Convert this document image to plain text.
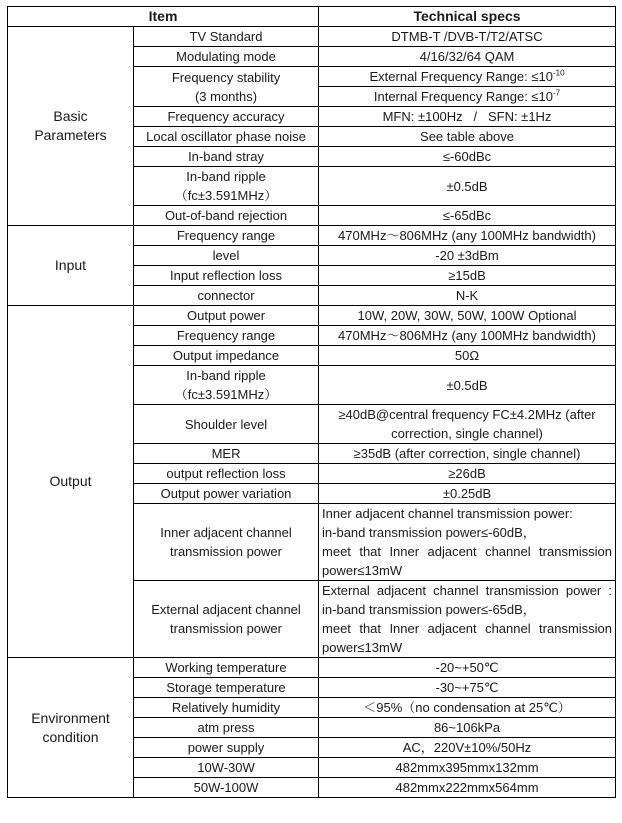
Item		Technical specs

Basic
Parameters	TV Standard	DTMB-T /DVB-T/T2/ATSC
	Modulating mode	4/16/32/64 QAM

	Frequency stability
(3 months)	External Frequency Range: $\le 10^{-10}$
		Internal Frequency Range: $\le 10^{-7}$
	Frequency accuracy	MFN: ±100Hz   /   SFN: ±1Hz
	Local oscillator phase noise	See table above
	In-band stray	≤-60dBc

	In-band ripple
（fc±3.591MHz）	±0.5dB
	Out-of-band rejection	≤-65dBc
Input	Frequency range	470MHz～806MHz (any 100MHz bandwidth)
	level	-20 ±3dBm
	Input reflection loss	≥15dB
	connector	N-K
Output	Output power	10W, 20W, 30W, 50W, 100W Optional
	Frequency range	470MHz～806MHz (any 100MHz bandwidth)
	Output impedance	50Ω

	In-band ripple
（fc±3.591MHz）	±0.5dB
	Shoulder level	≥40dB@central frequency FC±4.2MHz (after
correction, single channel)

	MER	≥35dB (after correction, single channel)
	output reflection loss	≥26dB
	Output power variation	±0.25dB

	Inner adjacent channel
transmission power	Inner adjacent channel transmission power:
in-band transmission power≤-60dB，
meet that Inner adjacent channel transmission
power≤13mW

	External adjacent channel
transmission power	External adjacent channel transmission power :
in-band transmission power≤-65dB，
meet that Inner adjacent channel transmission
power≤13mW

Environment
condition	Working temperature	-20~+50℃
	Storage temperature	-30~+75℃
	Relatively humidity	＜95%（no condensation at 25℃）
	atm press	86~106kPa
	power supply	AC，220V±10%/50Hz
	10W-30W	482mmx395mmx132mm
	50W-100W	482mmx222mmx564mm
